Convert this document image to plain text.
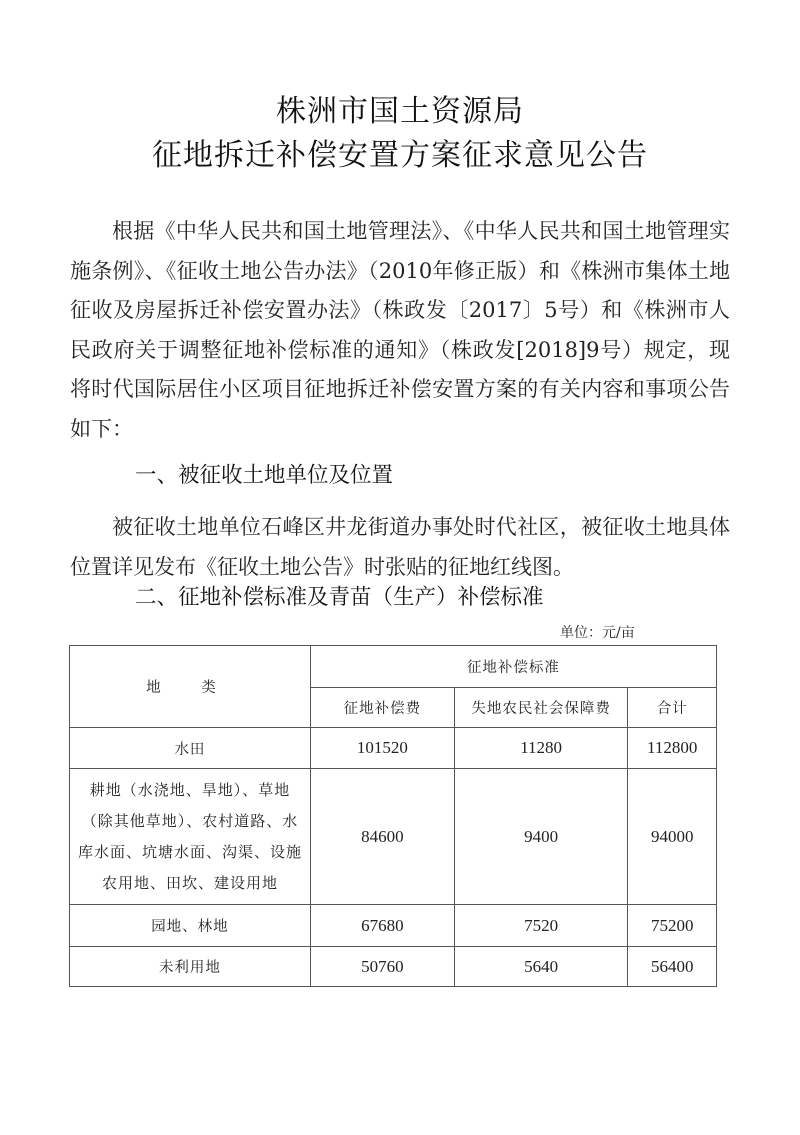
株洲市国土资源局
征地拆迁补偿安置方案征求意见公告
根据《中华人民共和国土地管理法》、《中华人民共和国土地管理实施条例》、《征收土地公告办法》（2010年修正版）和《株洲市集体土地征收及房屋拆迁补偿安置办法》（株政发〔2017〕5号）和《株洲市人民政府关于调整征地补偿标准的通知》（株政发[2018]9号）规定，现将时代国际居住小区项目征地拆迁补偿安置方案的有关内容和事项公告如下：
一、被征收土地单位及位置
被征收土地单位石峰区井龙街道办事处时代社区，被征收土地具体位置详见发布《征收土地公告》时张贴的征地红线图。
二、征地补偿标准及青苗（生产）补偿标准
单位：元/亩
地 类	征地补偿标准		
	征地补偿费	失地农民社会保障费	合计
水田	101520	11280	112800
耕地（水浇地、旱地）、草地（除其他草地）、农村道路、水库水面、坑塘水面、沟渠、设施农用地、田坎、建设用地	84600	9400	94000
园地、林地	67680	7520	75200
未利用地	50760	5640	56400
